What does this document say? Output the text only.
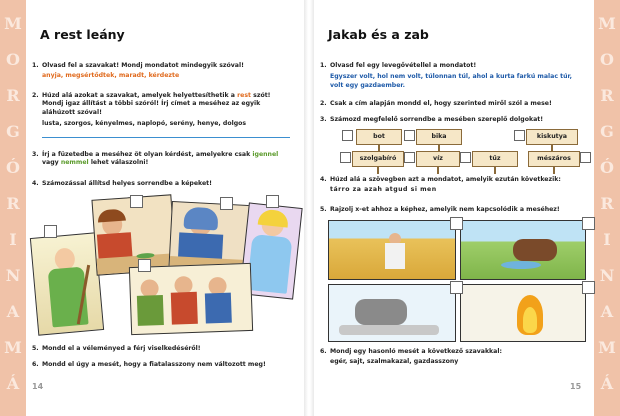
M
O
R
G
Ó
R
I
N
A
M
Á
M
O
R
G
Ó
R
I
N
A
M
Á
A rest leány
1. Olvasd fel a szavakat! Mondj mondatot mindegyik szóval!
anyja, megsértődtek, maradt, kérdezte
2. Húzd alá azokat a szavakat, amelyek helyettesíthetik a rest szót! Mondj igaz állítást a többi szóról! Írj címet a meséhez az egyik aláhúzott szóval!
lusta, szorgos, kényelmes, naplopó, serény, henye, dolgos
3. Írj a füzetedbe a meséhez öt olyan kérdést, amelyekre csak igennel vagy nemmel lehet válaszolni!
4. Számozással állítsd helyes sorrendbe a képeket!
5. Mondd el a véleményed a férj viselkedéséről!
6. Mondd el úgy a mesét, hogy a fiatalasszony nem változott meg!
14
Jakab és a zab
1. Olvasd fel egy levegővétellel a mondatot!
Egyszer volt, hol nem volt, túlonnan túl, ahol a kurta farkú malac túr, volt egy gazdaember.
2. Csak a cím alapján mondd el, hogy szerinted miről szól a mese!
3. Számozd megfelelő sorrendbe a mesében szereplő dolgokat!
bot	bika	kiskutya
szolgabíró	víz	tűz	mészáros
4. Húzd alá a szövegben azt a mondatot, amelyik ezután következik:
tárro za azah atgud si men
5. Rajzolj x-et ahhoz a képhez, amelyik nem kapcsolódik a meséhez!
6. Mondj egy hasonló mesét a következő szavakkal:
egér, sajt, szalmakazal, gazdasszony
15
